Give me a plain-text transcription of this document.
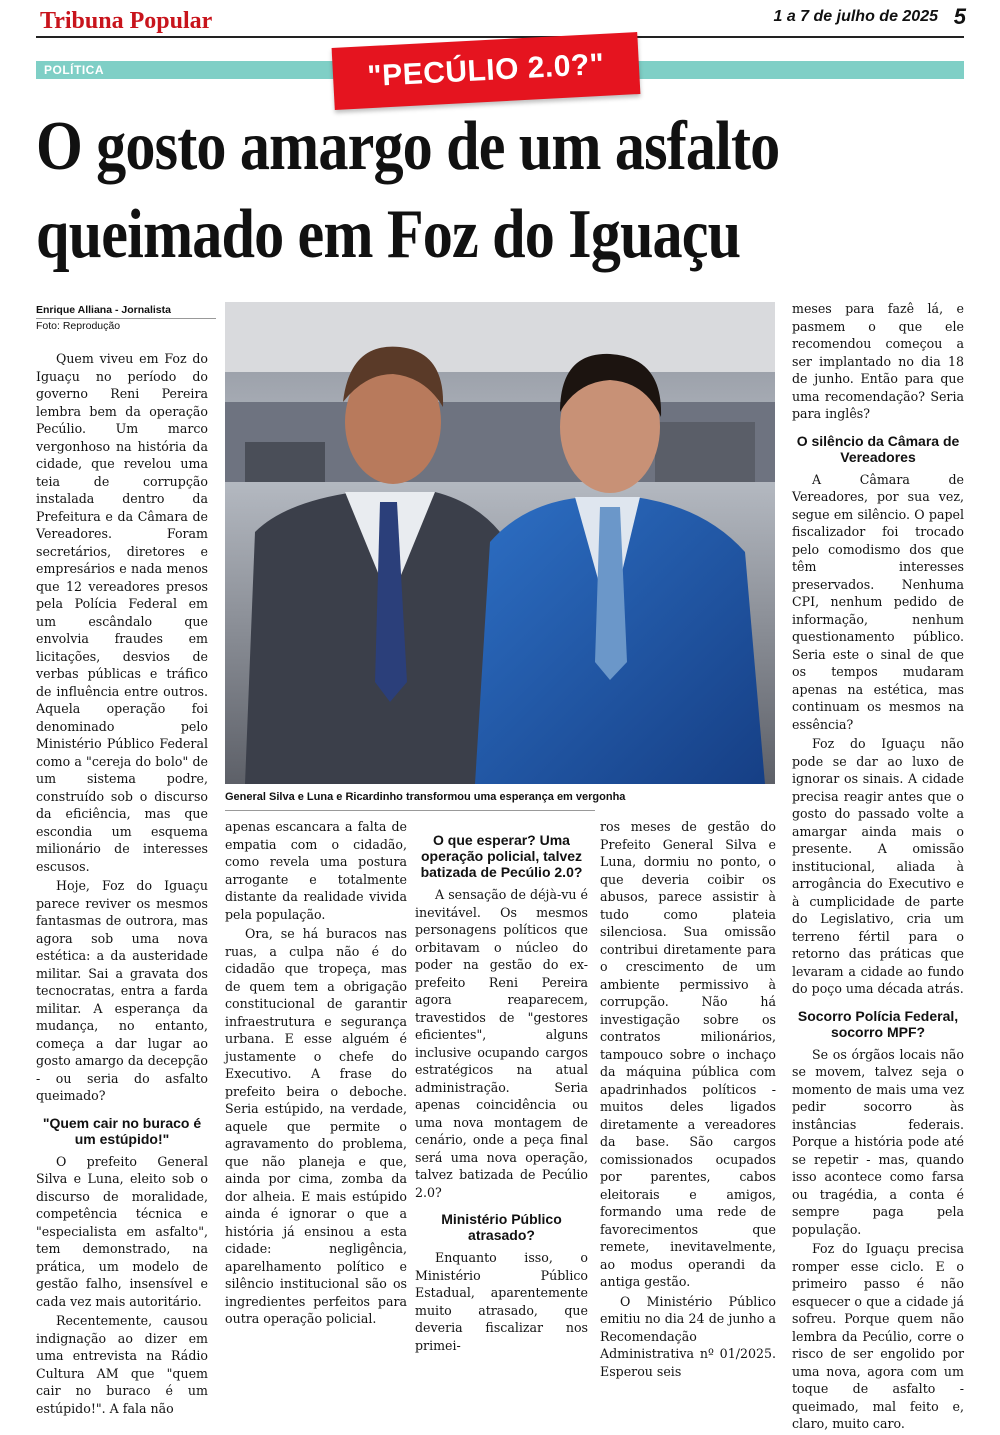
Tribuna Popular	1 a 7 de julho de 2025 5
POLÍTICA	"PECÚLIO 2.0?"
O gosto amargo de um asfalto
queimado em Foz do Iguaçu
Enrique Alliana - Jornalista
Foto: Reprodução

Quem viveu em Foz do Iguaçu no período do governo Reni Pereira lembra bem da operação Pecúlio. Um marco vergonhoso na história da cidade, que revelou uma teia de corrupção instalada dentro da Prefeitura e da Câmara de Vereadores. Foram secretários, diretores e empresários e nada menos que 12 vereadores presos pela Polícia Federal em um escândalo que envolvia fraudes em licitações, desvios de verbas públicas e tráfico de influência entre outros. Aquela operação foi denominado pelo Ministério Público Federal como a "cereja do bolo" de um sistema podre, construído sob o discurso da eficiência, mas que escondia um esquema milionário de interesses escusos.

Hoje, Foz do Iguaçu parece reviver os mesmos fantasmas de outrora, mas agora sob uma nova estética: a da austeridade militar. Sai a gravata dos tecnocratas, entra a farda militar. A esperança da mudança, no entanto, começa a dar lugar ao gosto amargo da decepção - ou seria do asfalto queimado?

"Quem cair no buraco é um estúpido!"

O prefeito General Silva e Luna, eleito sob o discurso de moralidade, competência técnica e "especialista em asfalto", tem demonstrado, na prática, um modelo de gestão falho, insensível e cada vez mais autoritário.

Recentemente, causou indignação ao dizer em uma entrevista na Rádio Cultura AM que "quem cair no buraco é um estúpido!". A fala não

General Silva e Luna e Ricardinho transformou uma esperança em vergonha

apenas escancara a falta de empatia com o cidadão, como revela uma postura arrogante e totalmente distante da realidade vivida pela população.

Ora, se há buracos nas ruas, a culpa não é do cidadão que tropeça, mas de quem tem a obrigação constitucional de garantir infraestrutura e segurança urbana. E esse alguém é justamente o chefe do Executivo. A frase do prefeito beira o deboche. Seria estúpido, na verdade, aquele que permite o agravamento do problema, que não planeja e que, ainda por cima, zomba da dor alheia. E mais estúpido ainda é ignorar o que a história já ensinou a esta cidade: negligência, aparelhamento político e silêncio institucional são os ingredientes perfeitos para outra operação policial.

O que esperar? Uma operação policial, talvez batizada de Pecúlio 2.0?

A sensação de déjà-vu é inevitável. Os mesmos personagens políticos que orbitavam o núcleo do poder na gestão do ex-prefeito Reni Pereira agora reaparecem, travestidos de "gestores eficientes", alguns inclusive ocupando cargos estratégicos na atual administração. Seria apenas coincidência ou uma nova montagem de cenário, onde a peça final será uma nova operação, talvez batizada de Pecúlio 2.0?

Ministério Público atrasado?

Enquanto isso, o Ministério Público Estadual, aparentemente muito atrasado, que deveria fiscalizar nos primei-

ros meses de gestão do Prefeito General Silva e Luna, dormiu no ponto, o que deveria coibir os abusos, parece assistir à tudo como plateia silenciosa. Sua omissão contribui diretamente para o crescimento de um ambiente permissivo à corrupção. Não há investigação sobre os contratos milionários, tampouco sobre o inchaço da máquina pública com apadrinhados políticos - muitos deles ligados diretamente a vereadores da base. São cargos comissionados ocupados por parentes, cabos eleitorais e amigos, formando uma rede de favorecimentos que remete, inevitavelmente, ao modus operandi da antiga gestão.

O Ministério Público emitiu no dia 24 de junho a Recomendação Administrativa nº 01/2025. Esperou seis

meses para fazê lá, e pasmem o que ele recomendou começou a ser implantado no dia 18 de junho. Então para que uma recomendação? Seria para inglês?

O silêncio da Câmara de Vereadores

A Câmara de Vereadores, por sua vez, segue em silêncio. O papel fiscalizador foi trocado pelo comodismo dos que têm interesses preservados. Nenhuma CPI, nenhum pedido de informação, nenhum questionamento público. Seria este o sinal de que os tempos mudaram apenas na estética, mas continuam os mesmos na essência?

Foz do Iguaçu não pode se dar ao luxo de ignorar os sinais. A cidade precisa reagir antes que o gosto do passado volte a amargar ainda mais o presente. A omissão institucional, aliada à arrogância do Executivo e à cumplicidade de parte do Legislativo, cria um terreno fértil para o retorno das práticas que levaram a cidade ao fundo do poço uma década atrás.

Socorro Polícia Federal, socorro MPF?

Se os órgãos locais não se movem, talvez seja o momento de mais uma vez pedir socorro às instâncias federais. Porque a história pode até se repetir - mas, quando isso acontece como farsa ou tragédia, a conta é sempre paga pela população.

Foz do Iguaçu precisa romper esse ciclo. E o primeiro passo é não esquecer o que a cidade já sofreu. Porque quem não lembra da Pecúlio, corre o risco de ser engolido por uma nova, agora com um toque de asfalto - queimado, mal feito e, claro, muito caro.
